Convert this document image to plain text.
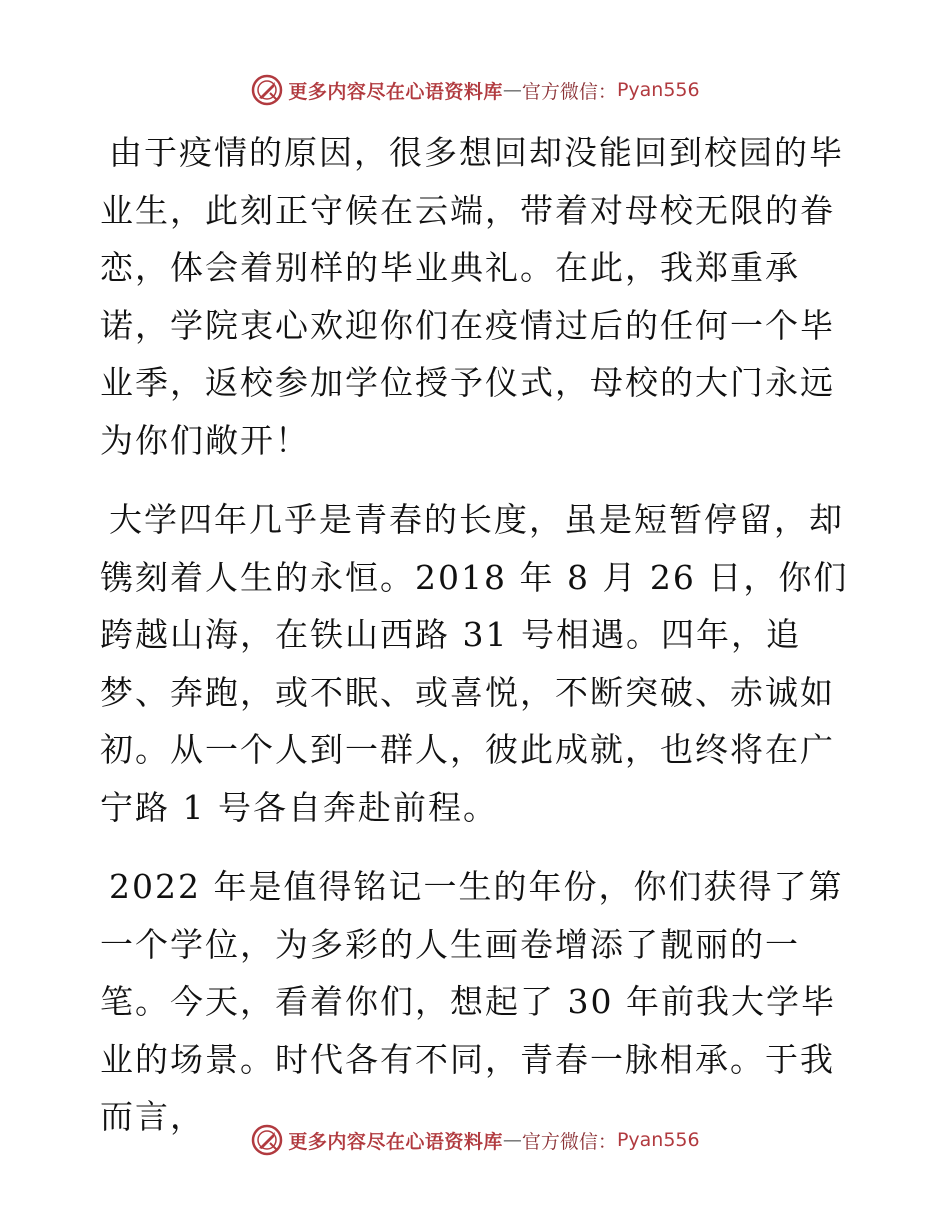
更多内容尽在心语资料库 — 官方微信： Pyan556

由于疫情的原因，很多想回却没能回到校园的毕业生，此刻正守候在云端，带着对母校无限的眷恋，体会着别样的毕业典礼。在此，我郑重承诺，学院衷心欢迎你们在疫情过后的任何一个毕业季，返校参加学位授予仪式，母校的大门永远为你们敞开！

大学四年几乎是青春的长度，虽是短暂停留，却镌刻着人生的永恒。2018 年 8 月 26 日，你们跨越山海，在铁山西路 31 号相遇。四年，追梦、奔跑，或不眠、或喜悦，不断突破、赤诚如初。从一个人到一群人，彼此成就，也终将在广宁路 1 号各自奔赴前程。

2022 年是值得铭记一生的年份，你们获得了第一个学位，为多彩的人生画卷增添了靓丽的一笔。今天，看着你们，想起了 30 年前我大学毕业的场景。时代各有不同，青春一脉相承。于我而言，

更多内容尽在心语资料库 — 官方微信： Pyan556
